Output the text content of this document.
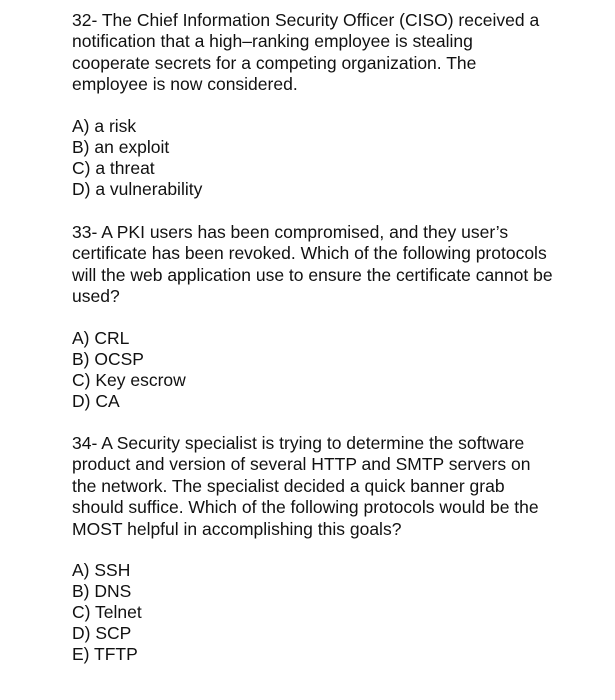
32- The Chief Information Security Officer (CISO) received a notification that a high–ranking employee is stealing cooperate secrets for a competing organization. The employee is now considered.

A) a risk
B) an exploit
C) a threat
D) a vulnerability

33- A PKI users has been compromised, and they user’s certificate has been revoked. Which of the following protocols will the web application use to ensure the certificate cannot be used?

A) CRL
B) OCSP
C) Key escrow
D) CA

34- A Security specialist is trying to determine the software product and version of several HTTP and SMTP servers on the network. The specialist decided a quick banner grab should suffice. Which of the following protocols would be the MOST helpful in accomplishing this goals?

A) SSH
B) DNS
C) Telnet
D) SCP
E) TFTP
